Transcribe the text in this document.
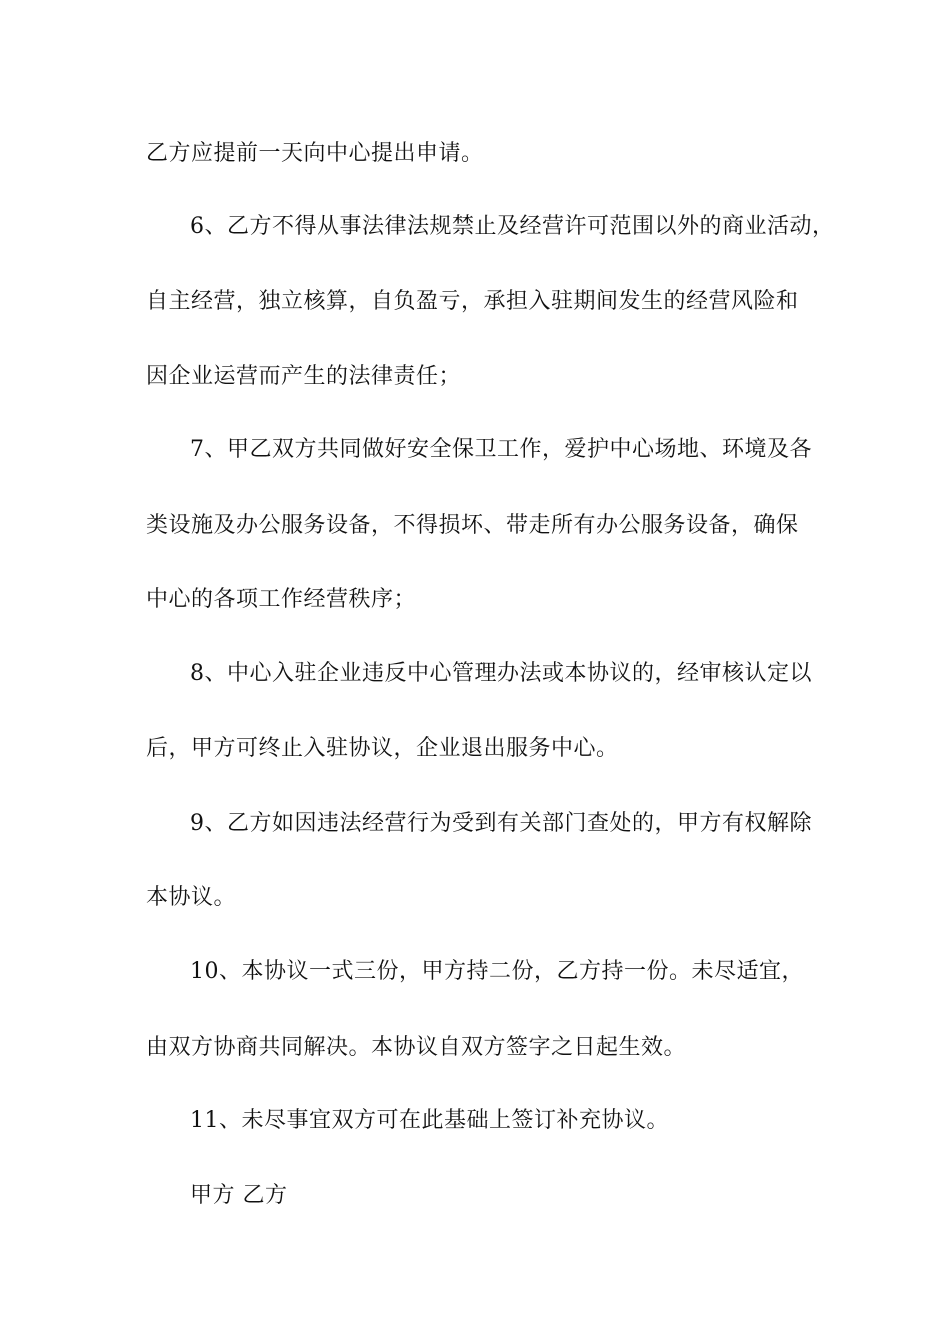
乙方应提前一天向中心提出申请。
6、乙方不得从事法律法规禁止及经营许可范围以外的商业活动，
自主经营，独立核算，自负盈亏，承担入驻期间发生的经营风险和
因企业运营而产生的法律责任；
7、甲乙双方共同做好安全保卫工作，爱护中心场地、环境及各
类设施及办公服务设备，不得损坏、带走所有办公服务设备，确保
中心的各项工作经营秩序；
8、中心入驻企业违反中心管理办法或本协议的，经审核认定以
后，甲方可终止入驻协议，企业退出服务中心。
9、乙方如因违法经营行为受到有关部门查处的，甲方有权解除
本协议。
10、本协议一式三份，甲方持二份，乙方持一份。未尽适宜，
由双方协商共同解决。本协议自双方签字之日起生效。
11、未尽事宜双方可在此基础上签订补充协议。
甲方 乙方
